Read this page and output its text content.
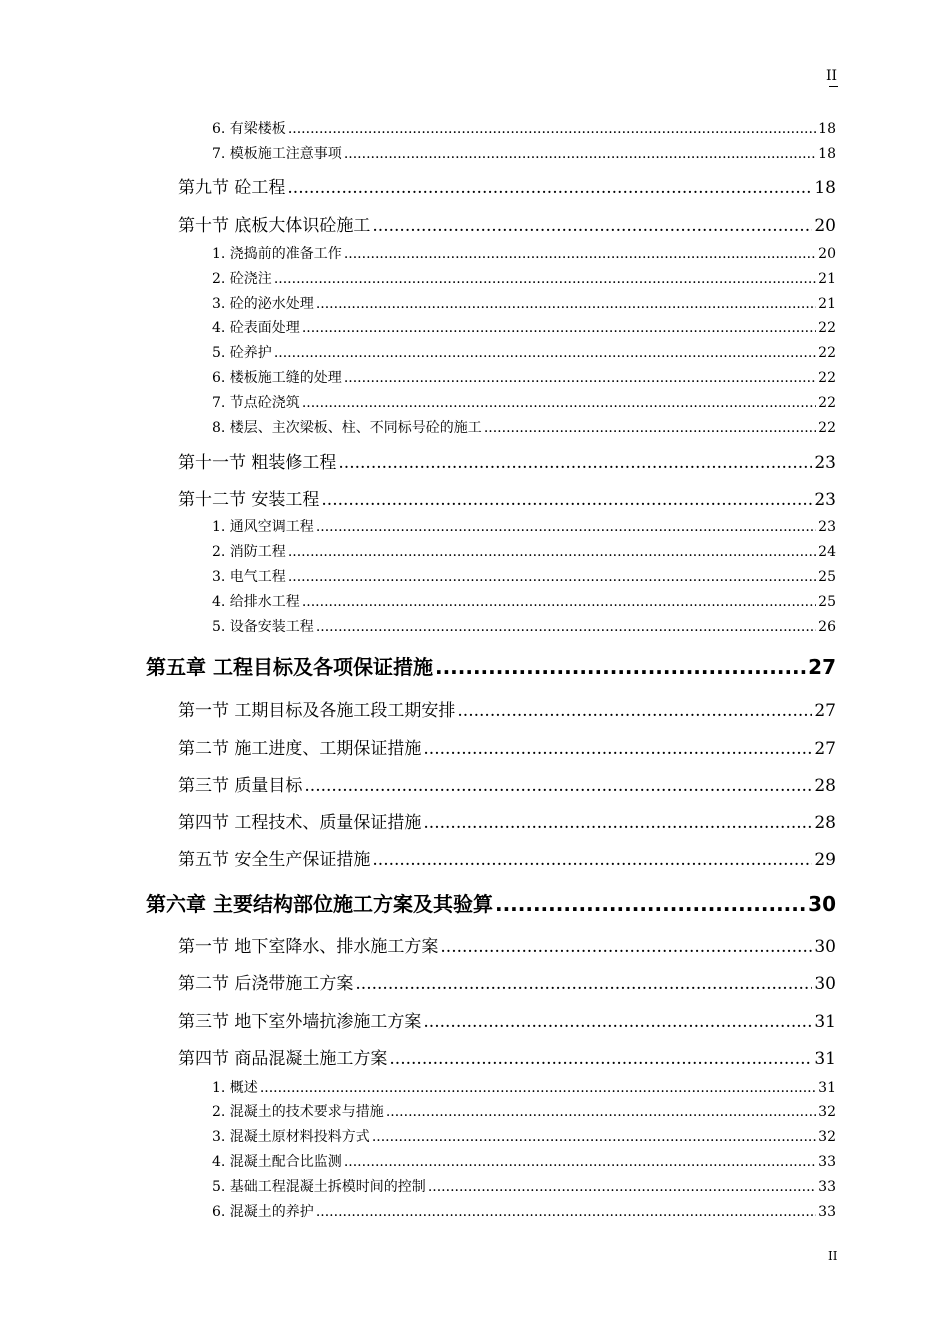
II
6. 有梁楼板 .....	18
7. 模板施工注意事项 .....	18
第九节 砼工程 .....	18
第十节 底板大体识砼施工 .....	20
1. 浇捣前的准备工作 .....	20
2. 砼浇注 .....	21
3. 砼的泌水处理 .....	21
4. 砼表面处理 .....	22
5. 砼养护 .....	22
6. 楼板施工缝的处理 .....	22
7. 节点砼浇筑 .....	22
8. 楼层、主次梁板、柱、不同标号砼的施工 .....	22
第十一节 粗装修工程 .....	23
第十二节 安装工程 .....	23
1. 通风空调工程 .....	23
2. 消防工程 .....	24
3. 电气工程 .....	25
4. 给排水工程 .....	25
5. 设备安装工程 .....	26
第五章 工程目标及各项保证措施 .....	27
第一节 工期目标及各施工段工期安排 .....	27
第二节 施工进度、工期保证措施 .....	27
第三节 质量目标 .....	28
第四节 工程技术、质量保证措施 .....	28
第五节 安全生产保证措施 .....	29
第六章 主要结构部位施工方案及其验算 .....	30
第一节 地下室降水、排水施工方案 .....	30
第二节 后浇带施工方案 .....	30
第三节 地下室外墙抗渗施工方案 .....	31
第四节 商品混凝土施工方案 .....	31
1. 概述 .....	31
2. 混凝土的技术要求与措施 .....	32
3. 混凝土原材料投料方式 .....	32
4. 混凝土配合比监测 .....	33
5. 基础工程混凝土拆模时间的控制 .....	33
6. 混凝土的养护 .....	33
II
